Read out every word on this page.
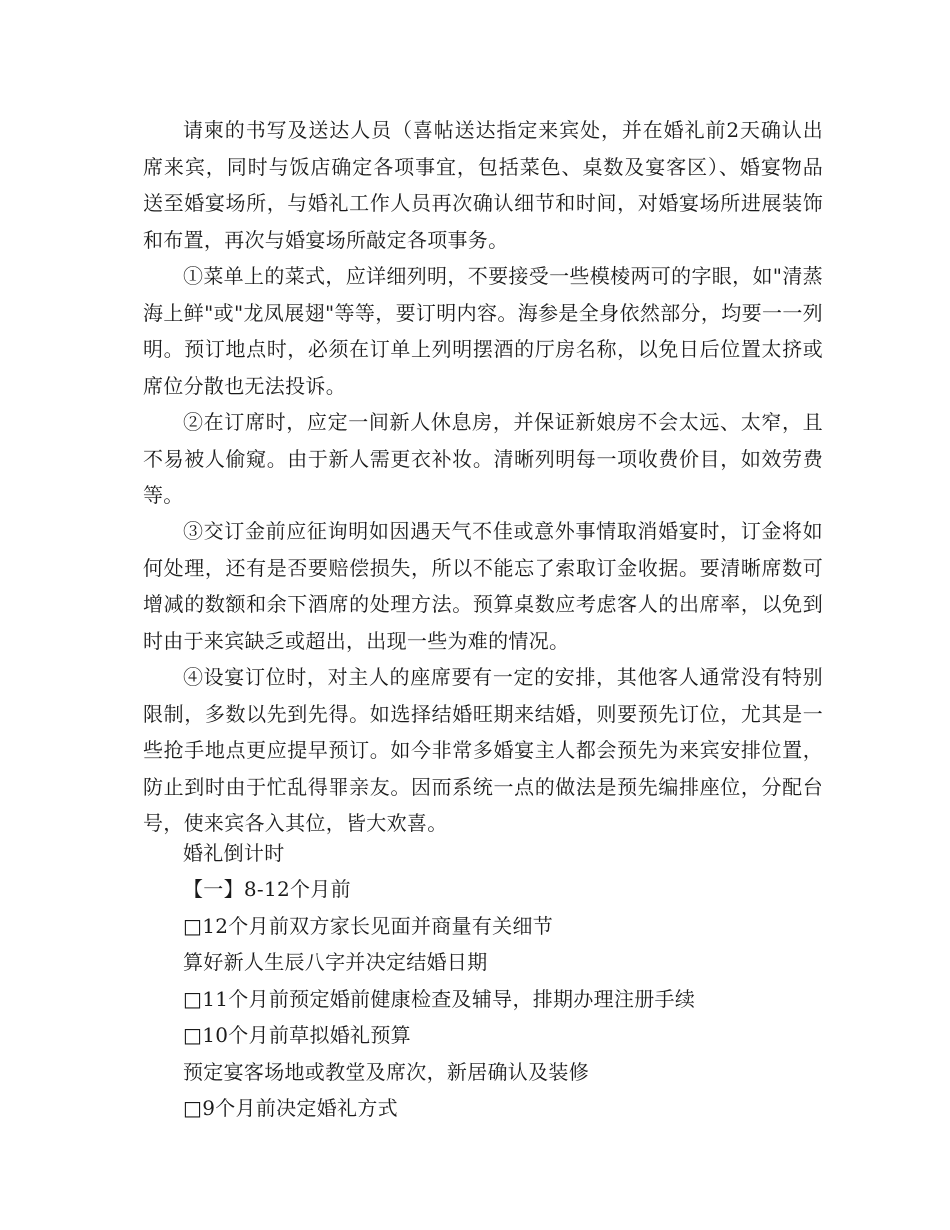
请柬的书写及送达人员（喜帖送达指定来宾处，并在婚礼前2天确认出席来宾，同时与饭店确定各项事宜，包括菜色、桌数及宴客区）、婚宴物品送至婚宴场所，与婚礼工作人员再次确认细节和时间，对婚宴场所进展装饰和布置，再次与婚宴场所敲定各项事务。

①菜单上的菜式，应详细列明，不要接受一些模棱两可的字眼，如"清蒸海上鲜"或"龙凤展翅"等等，要订明内容。海参是全身依然部分，均要一一列明。预订地点时，必须在订单上列明摆酒的厅房名称，以免日后位置太挤或席位分散也无法投诉。

②在订席时，应定一间新人休息房，并保证新娘房不会太远、太窄，且不易被人偷窥。由于新人需更衣补妆。清晰列明每一项收费价目，如效劳费等。

③交订金前应征询明如因遇天气不佳或意外事情取消婚宴时，订金将如何处理，还有是否要赔偿损失，所以不能忘了索取订金收据。要清晰席数可增减的数额和余下酒席的处理方法。预算桌数应考虑客人的出席率，以免到时由于来宾缺乏或超出，出现一些为难的情况。

④设宴订位时，对主人的座席要有一定的安排，其他客人通常没有特别限制，多数以先到先得。如选择结婚旺期来结婚，则要预先订位，尤其是一些抢手地点更应提早预订。如今非常多婚宴主人都会预先为来宾安排位置，防止到时由于忙乱得罪亲友。因而系统一点的做法是预先编排座位，分配台号，使来宾各入其位，皆大欢喜。

婚礼倒计时

【一】8-12个月前

□12个月前双方家长见面并商量有关细节

算好新人生辰八字并决定结婚日期

□11个月前预定婚前健康检查及辅导，排期办理注册手续

□10个月前草拟婚礼预算

预定宴客场地或教堂及席次，新居确认及装修

□9个月前决定婚礼方式
